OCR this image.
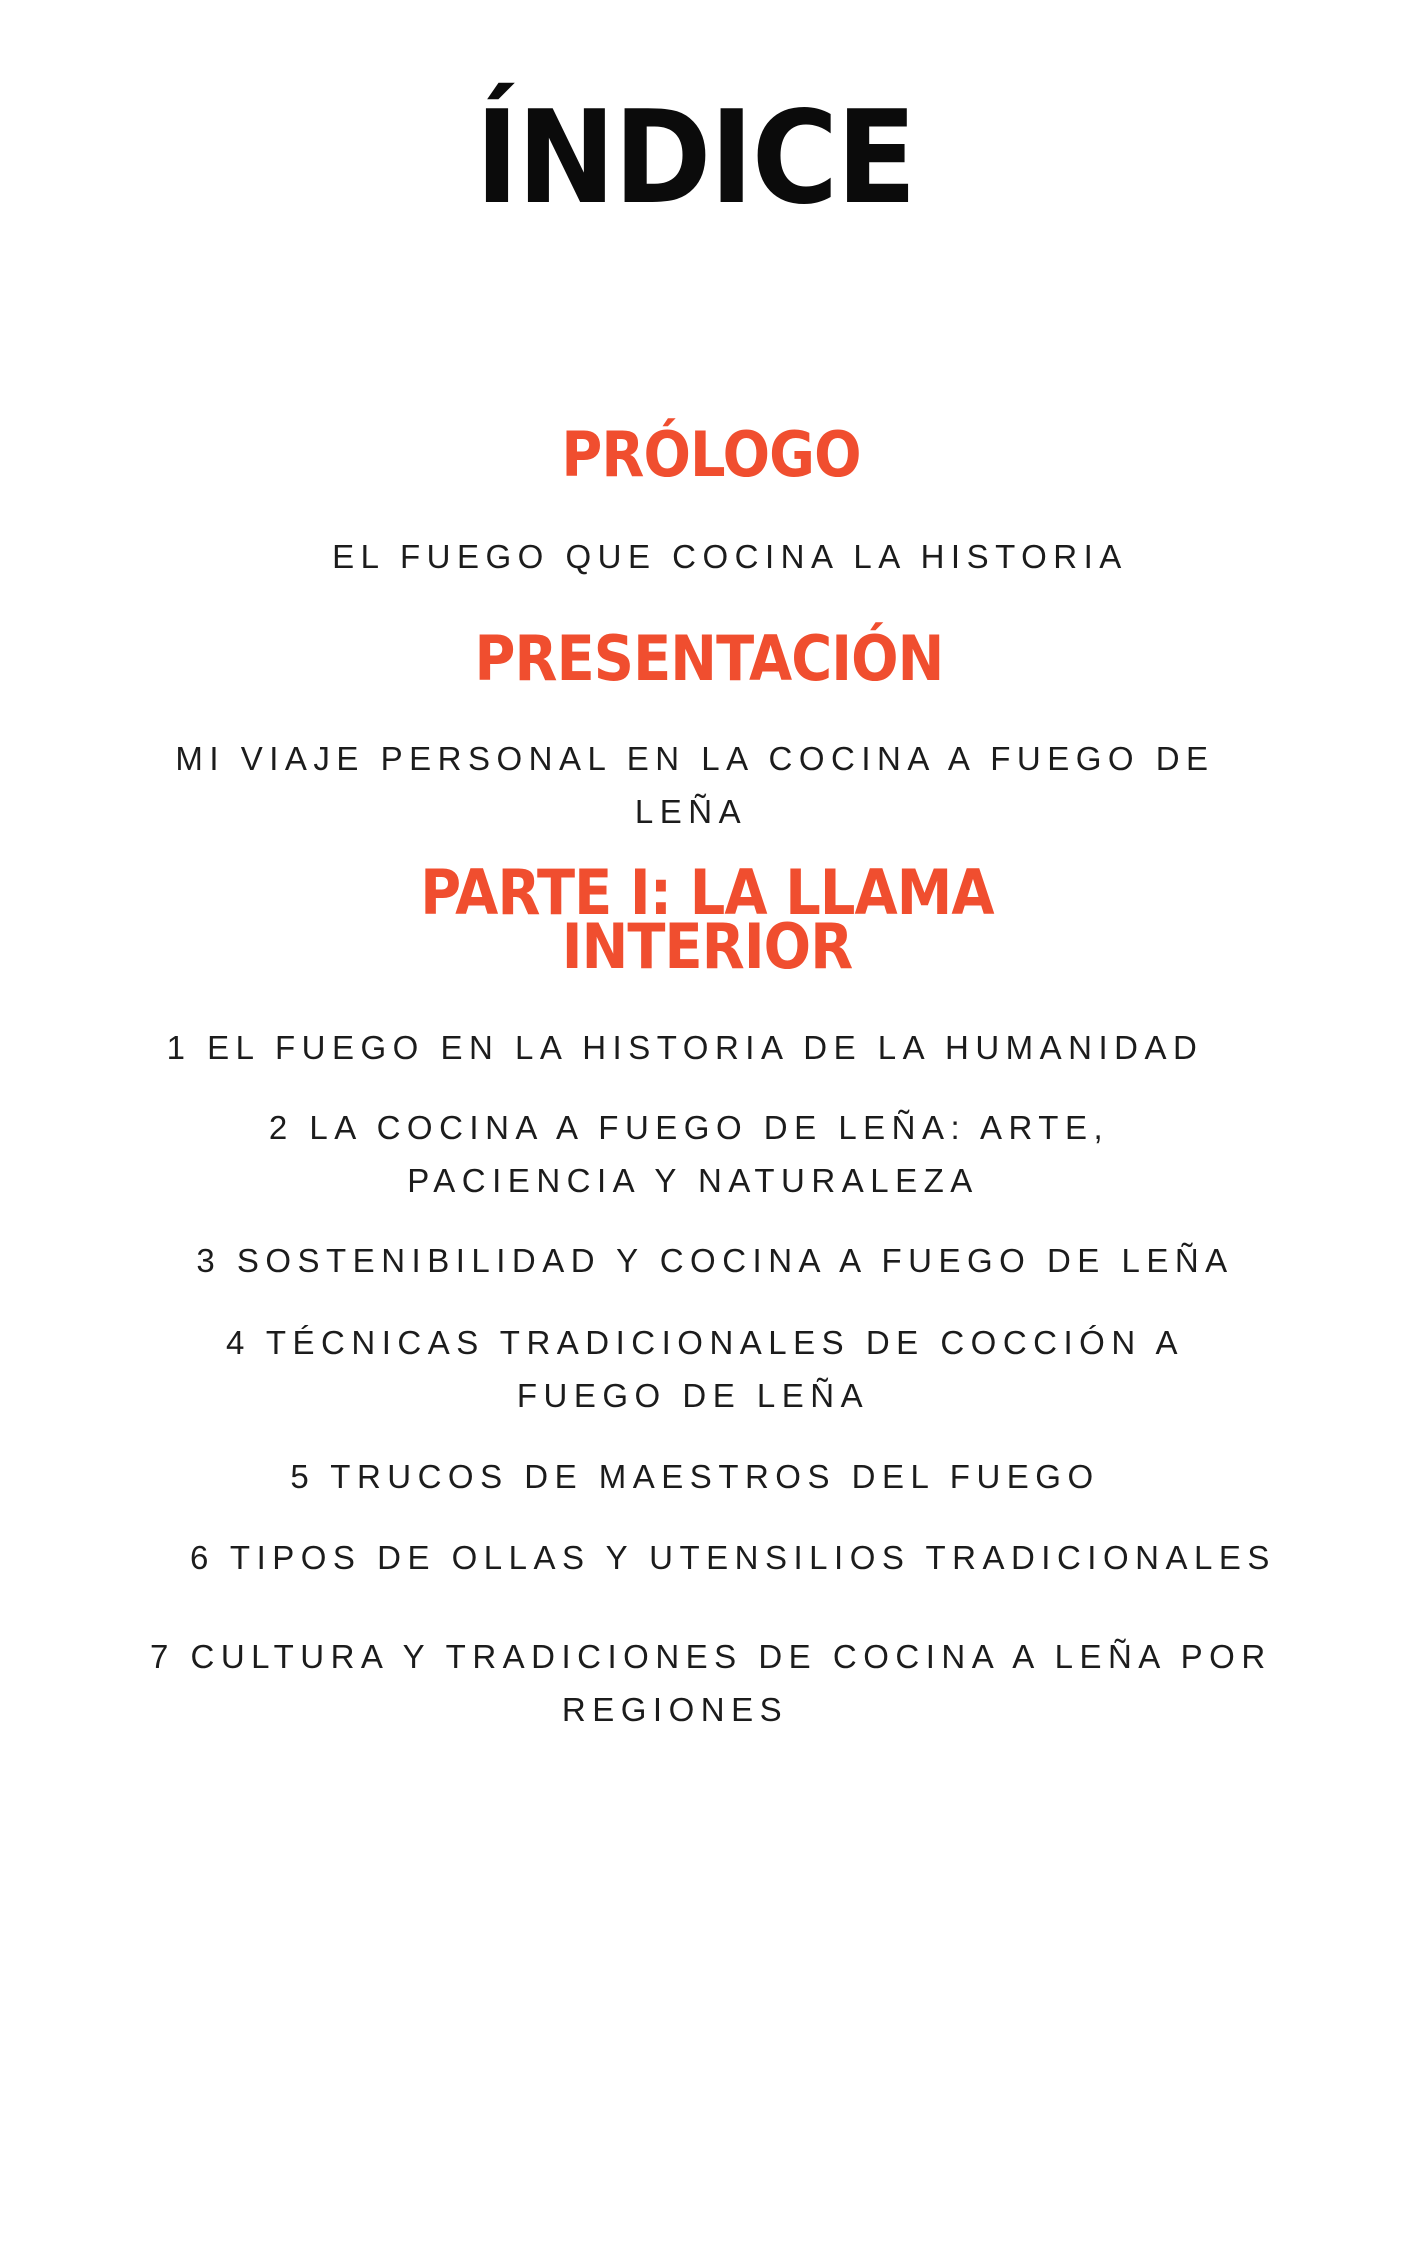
ÍNDICE
PRÓLOGO
EL FUEGO QUE COCINA LA HISTORIA
PRESENTACIÓN
MI VIAJE PERSONAL EN LA COCINA A FUEGO DE
LEÑA
PARTE I: LA LLAMA
INTERIOR
1 EL FUEGO EN LA HISTORIA DE LA HUMANIDAD
2 LA COCINA A FUEGO DE LEÑA: ARTE,
PACIENCIA Y NATURALEZA
3 SOSTENIBILIDAD Y COCINA A FUEGO DE LEÑA
4 TÉCNICAS TRADICIONALES DE COCCIÓN A
FUEGO DE LEÑA
5 TRUCOS DE MAESTROS DEL FUEGO
6 TIPOS DE OLLAS Y UTENSILIOS TRADICIONALES
7 CULTURA Y TRADICIONES DE COCINA A LEÑA POR
REGIONES
